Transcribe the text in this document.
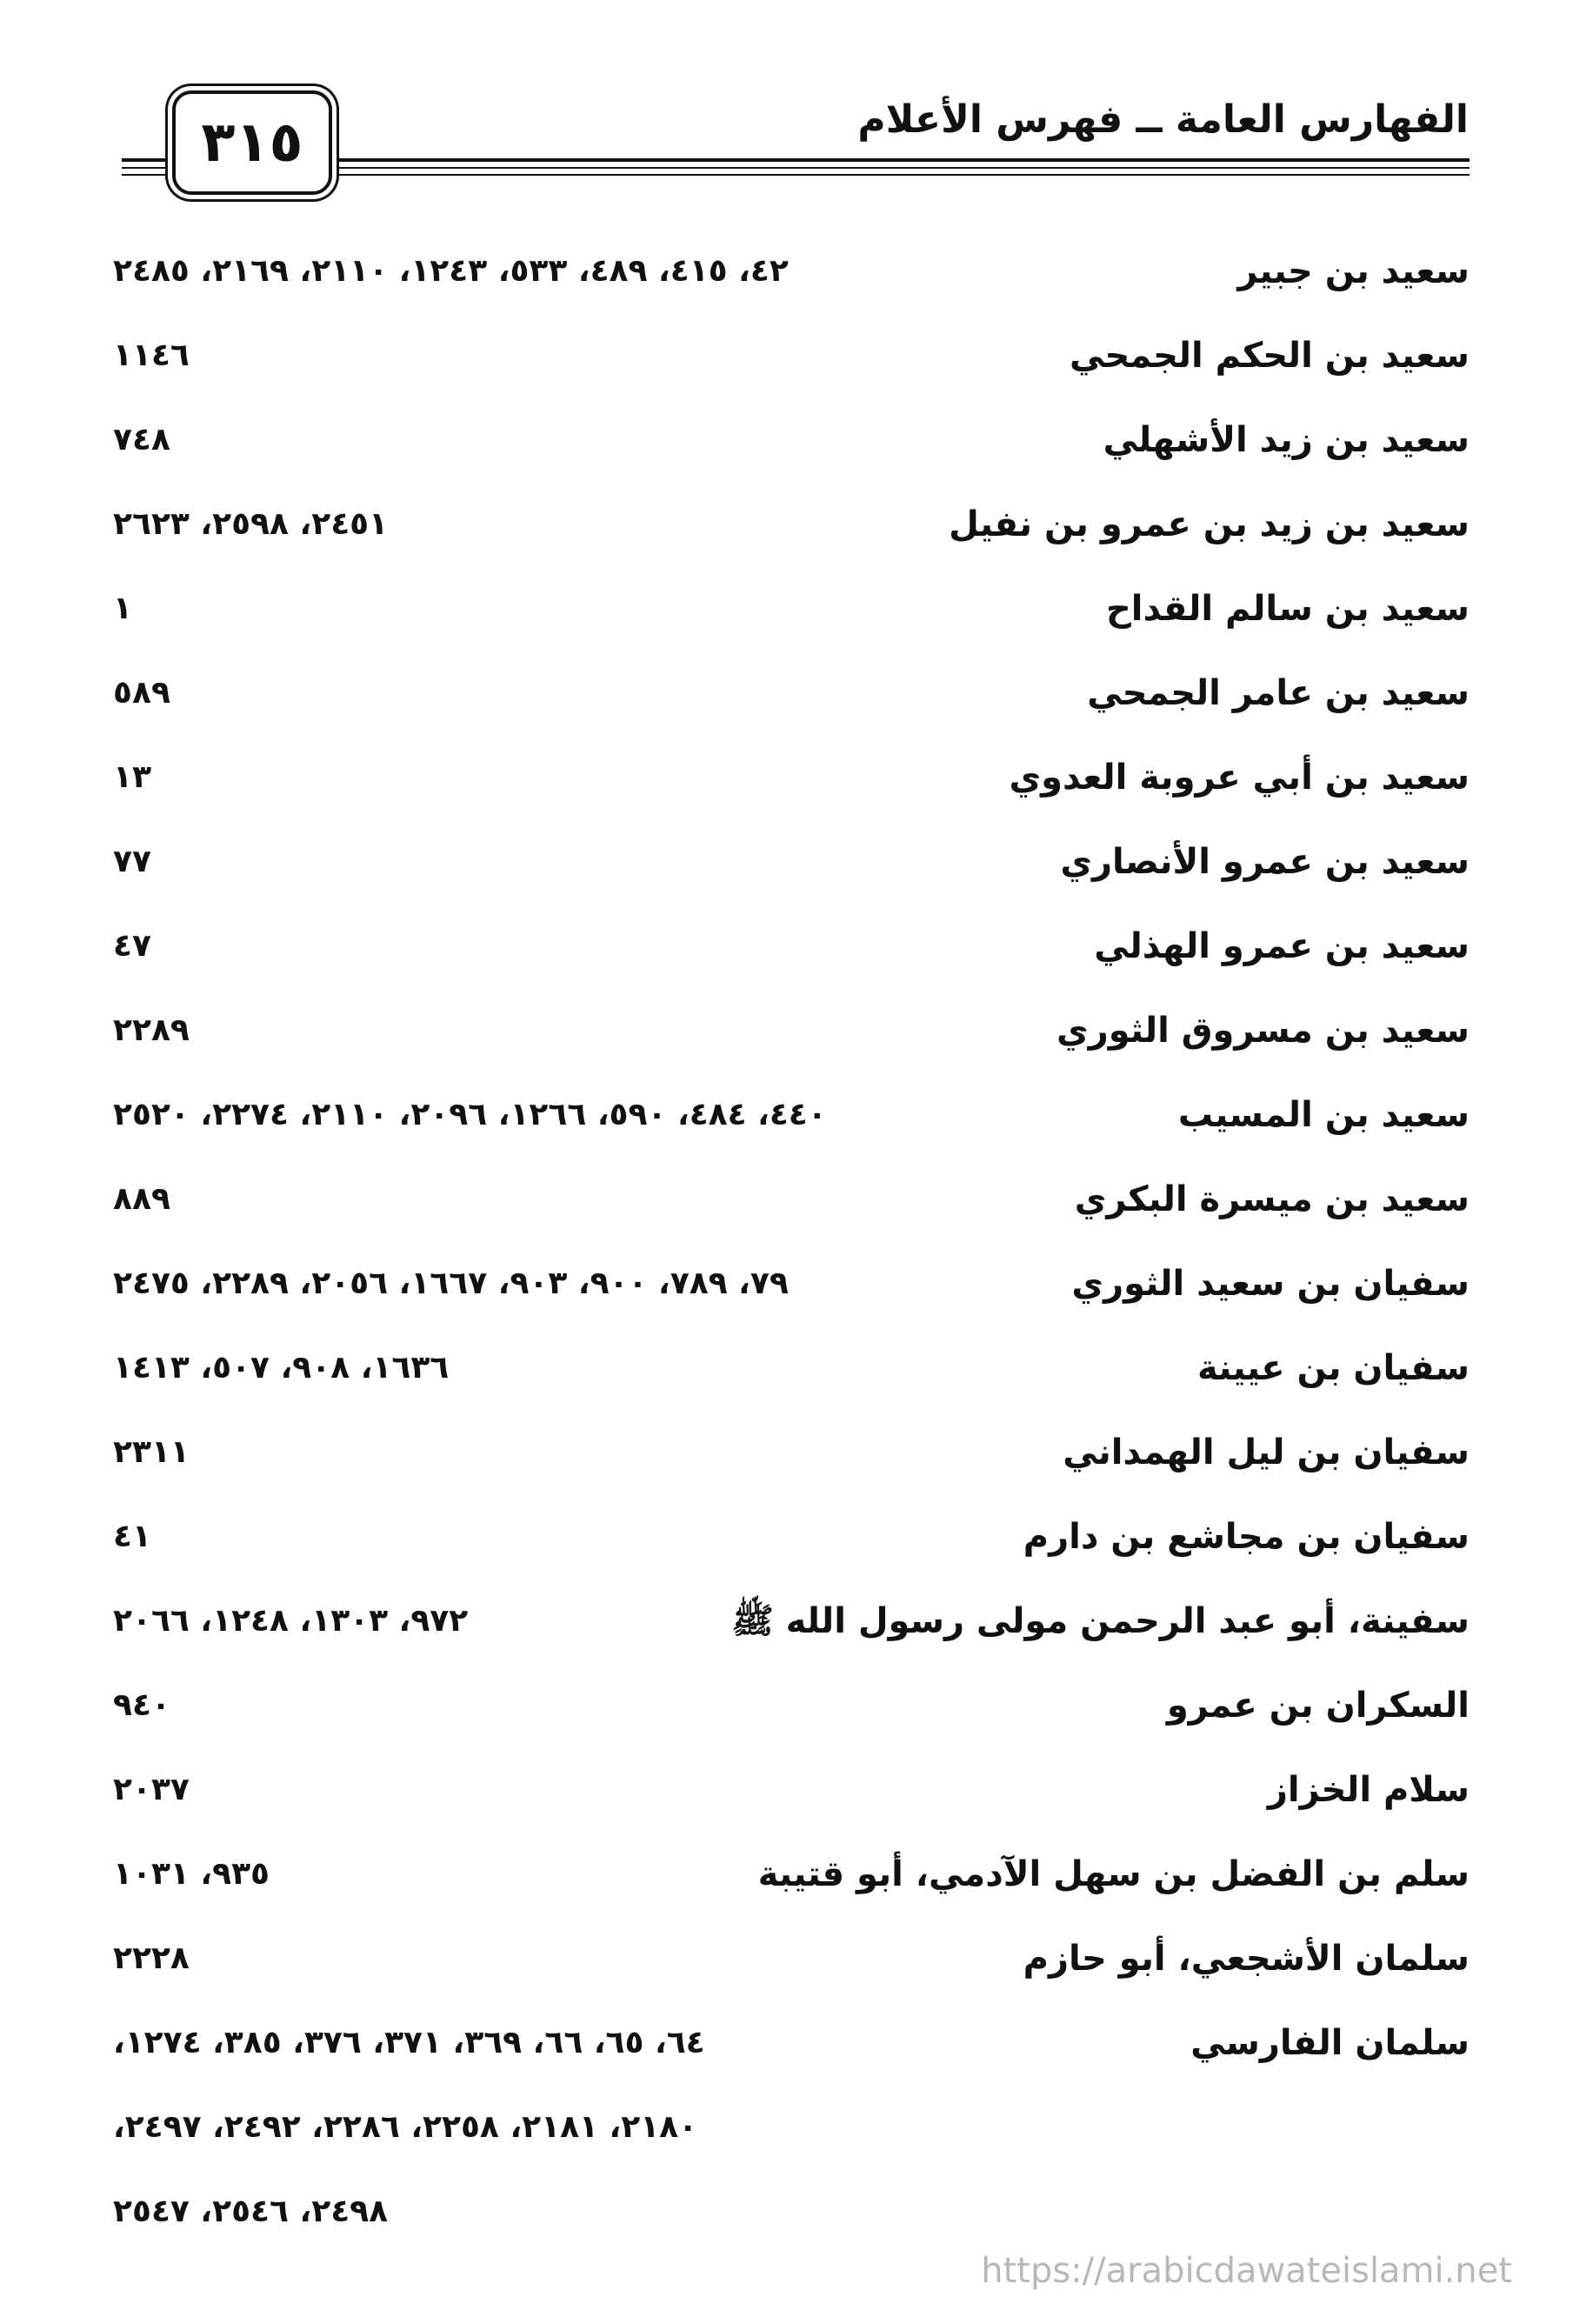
الفهارس العامة ــ فهرس الأعلام
٣١٥
سعيد بن جبير
٤٢، ٤١٥، ٤٨٩، ٥٣٣، ١٢٤٣، ٢١١٠، ٢١٦٩، ٢٤٨٥
سعيد بن الحكم الجمحي
١١٤٦
سعيد بن زيد الأشهلي
٧٤٨
سعيد بن زيد بن عمرو بن نفيل
٢٤٥١، ٢٥٩٨، ٢٦٢٣
سعيد بن سالم القداح
١
سعيد بن عامر الجمحي
٥٨٩
سعيد بن أبي عروبة العدوي
١٣
سعيد بن عمرو الأنصاري
٧٧
سعيد بن عمرو الهذلي
٤٧
سعيد بن مسروق الثوري
٢٢٨٩
سعيد بن المسيب
٤٤٠، ٤٨٤، ٥٩٠، ١٢٦٦، ٢٠٩٦، ٢١١٠، ٢٢٧٤، ٢٥٢٠
سعيد بن ميسرة البكري
٨٨٩
سفيان بن سعيد الثوري
٧٩، ٧٨٩، ٩٠٠، ٩٠٣، ١٦٦٧، ٢٠٥٦، ٢٢٨٩، ٢٤٧٥
سفيان بن عيينة
١٦٣٦، ٩٠٨، ٥٠٧، ١٤١٣
سفيان بن ليل الهمداني
٢٣١١
سفيان بن مجاشع بن دارم
٤١
سفينة، أبو عبد الرحمن مولى رسول الله ﷺ
٩٧٢، ١٣٠٣، ١٢٤٨، ٢٠٦٦
السكران بن عمرو
٩٤٠
سلام الخزاز
٢٠٣٧
سلم بن الفضل بن سهل الآدمي، أبو قتيبة
٩٣٥، ١٠٣١
سلمان الأشجعي، أبو حازم
٢٢٢٨
سلمان الفارسي
٦٤، ٦٥، ٦٦، ٣٦٩، ٣٧١، ٣٧٦، ٣٨٥، ١٢٧٤،
٢١٨٠، ٢١٨١، ٢٢٥٨، ٢٢٨٦، ٢٤٩٢، ٢٤٩٧،
٢٤٩٨، ٢٥٤٦، ٢٥٤٧
https://arabicdawateislami.net
